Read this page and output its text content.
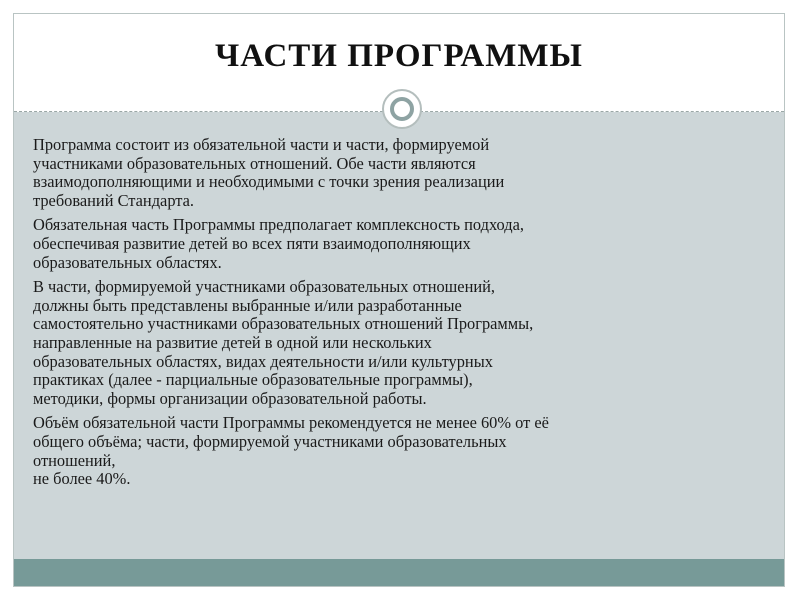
ЧАСТИ ПРОГРАММЫ

Программа состоит из обязательной части и части, формируемой
участниками образовательных отношений. Обе части являются
взаимодополняющими и необходимыми с точки зрения реализации
требований Стандарта.

Обязательная часть Программы предполагает комплексность подхода,
обеспечивая развитие детей во всех пяти взаимодополняющих
образовательных областях.

В части, формируемой участниками образовательных отношений,
должны быть представлены выбранные и/или разработанные
самостоятельно участниками образовательных отношений Программы,
направленные на развитие детей в одной или нескольких
образовательных областях, видах деятельности и/или культурных
практиках (далее - парциальные образовательные программы),
методики, формы организации образовательной работы.

Объём обязательной части Программы рекомендуется не менее 60% от её
общего объёма; части, формируемой участниками образовательных
отношений,
не более 40%.
